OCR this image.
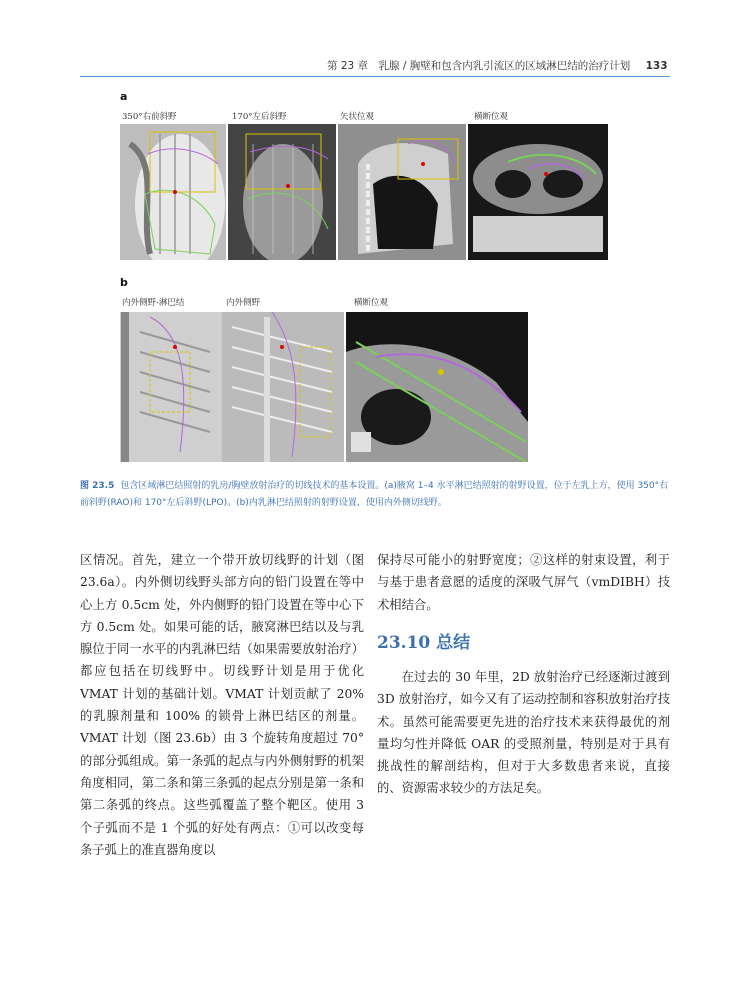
第 23 章　乳腺 / 胸壁和包含内乳引流区的区域淋巴结的治疗计划 133
a
350°右前斜野	170°左后斜野	矢状位观	横断位观
b
内外侧野-淋巴结	内外侧野	横断位观
图 23.5 包含区域淋巴结照射的乳房/胸壁放射治疗的切线技术的基本设置。(a)腋窝 1–4 水平淋巴结照射的射野设置，位于左乳上方，使用 350°右前斜野(RAO)和 170°左后斜野(LPO)。(b)内乳淋巴结照射的射野设置，使用内外侧切线野。

区情况。首先，建立一个带开放切线野的计划（图 23.6a）。内外侧切线野头部方向的铅门设置在等中心上方 0.5cm 处，外内侧野的铅门设置在等中心下方 0.5cm 处。如果可能的话，腋窝淋巴结以及与乳腺位于同一水平的内乳淋巴结（如果需要放射治疗）都应包括在切线野中。切线野计划是用于优化 VMAT 计划的基础计划。VMAT 计划贡献了 20% 的乳腺剂量和 100% 的锁骨上淋巴结区的剂量。VMAT 计划（图 23.6b）由 3 个旋转角度超过 70° 的部分弧组成。第一条弧的起点与内外侧射野的机架角度相同，第二条和第三条弧的起点分别是第一条和第二条弧的终点。这些弧覆盖了整个靶区。使用 3 个子弧而不是 1 个弧的好处有两点：①可以改变每条子弧上的准直器角度以

保持尽可能小的射野宽度；②这样的射束设置，利于与基于患者意愿的适度的深吸气屏气（vmDIBH）技术相结合。

23.10 总结

在过去的 30 年里，2D 放射治疗已经逐渐过渡到 3D 放射治疗，如今又有了运动控制和容积放射治疗技术。虽然可能需要更先进的治疗技术来获得最优的剂量均匀性并降低 OAR 的受照剂量，特别是对于具有挑战性的解剖结构，但对于大多数患者来说，直接的、资源需求较少的方法足矣。
